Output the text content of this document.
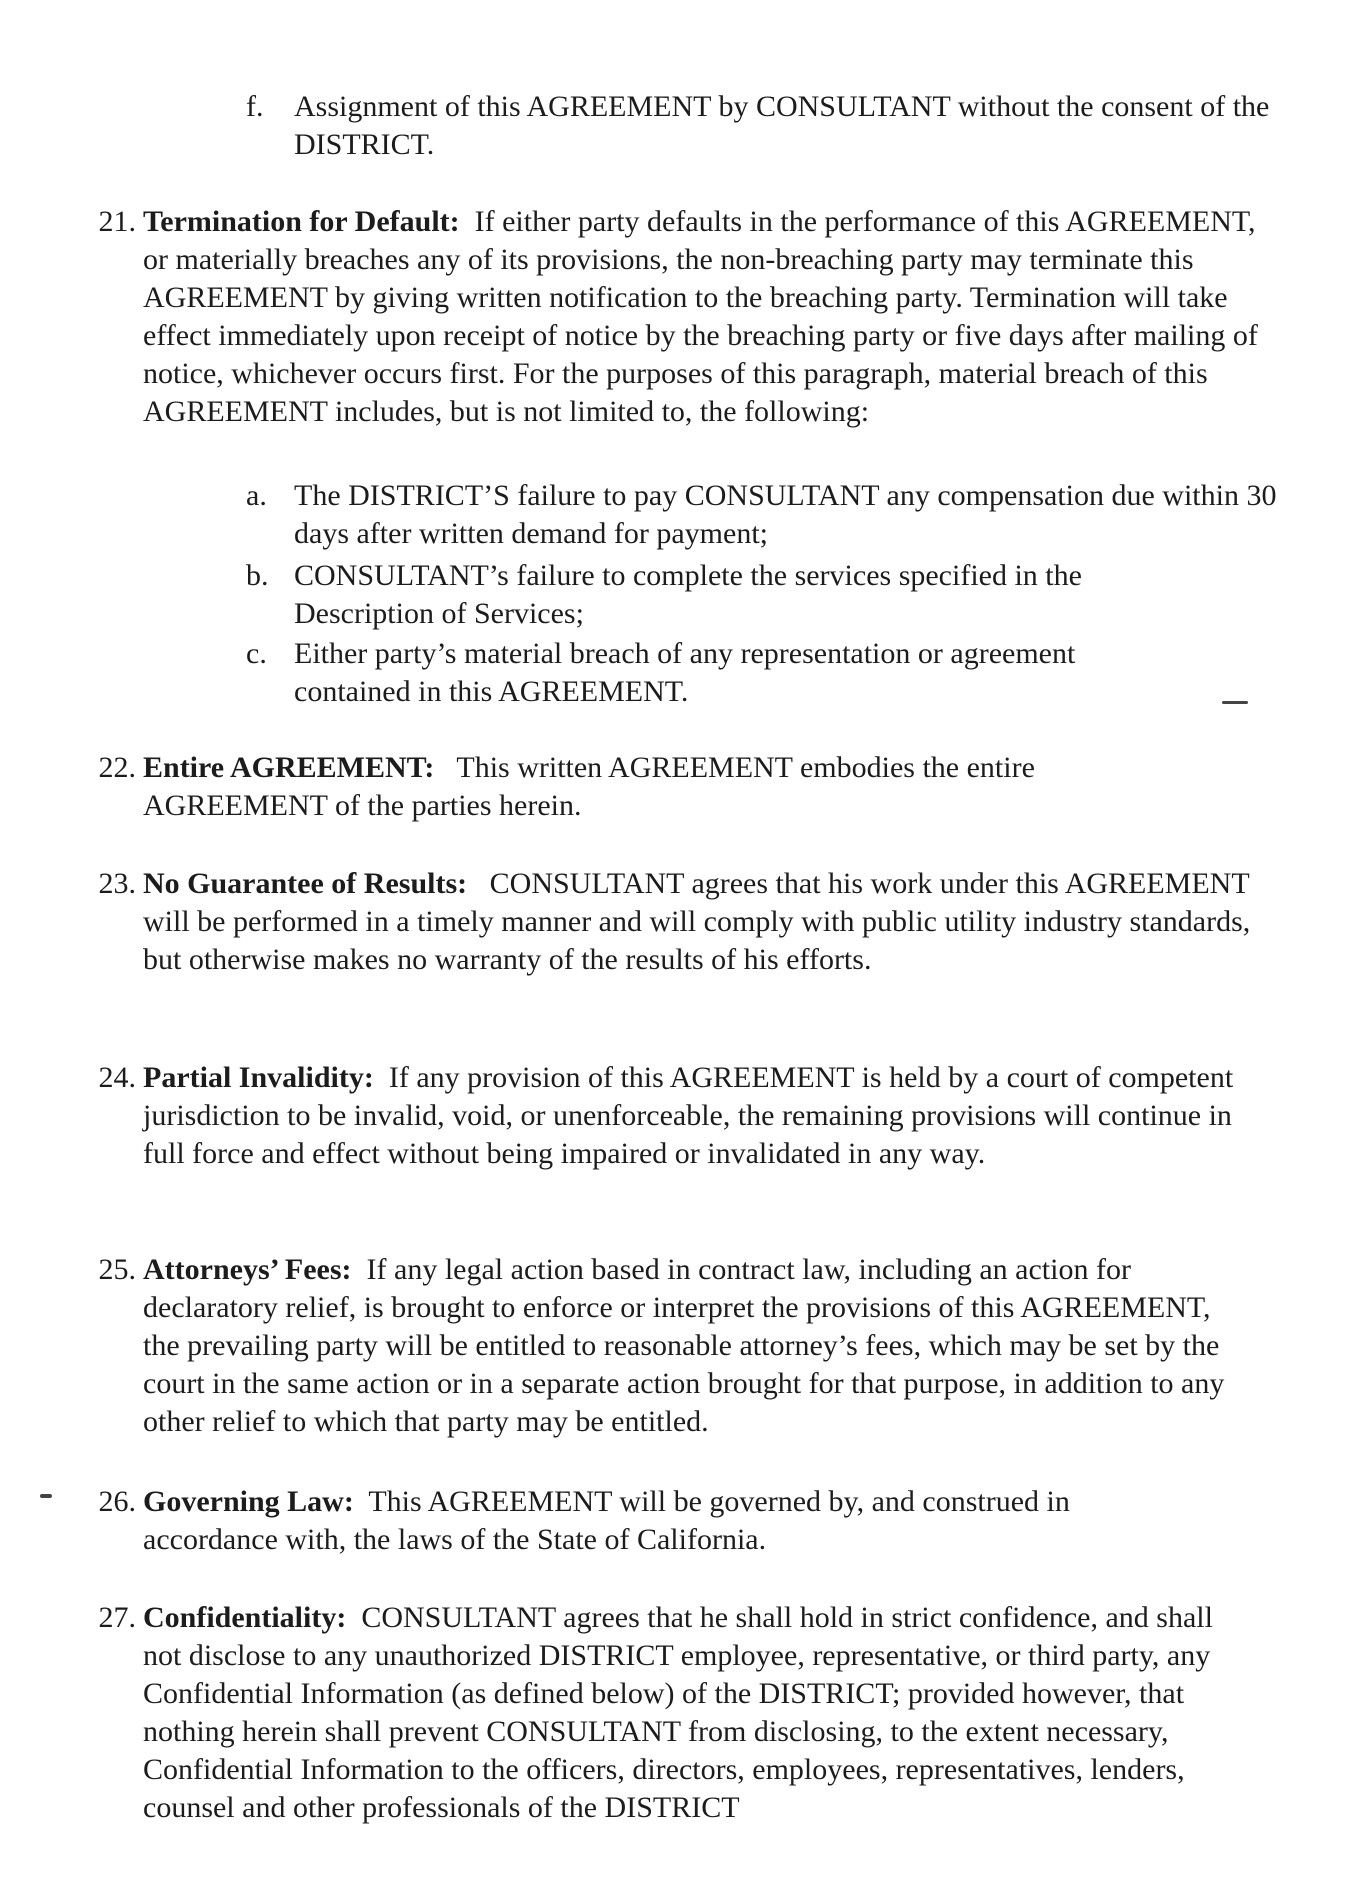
f.	Assignment of this AGREEMENT by CONSULTANT without the consent of the DISTRICT.
21. Termination for Default: If either party defaults in the performance of this AGREEMENT, or materially breaches any of its provisions, the non-breaching party may terminate this AGREEMENT by giving written notification to the breaching party. Termination will take effect immediately upon receipt of notice by the breaching party or five days after mailing of notice, whichever occurs first. For the purposes of this paragraph, material breach of this AGREEMENT includes, but is not limited to, the following:
a. The DISTRICT’S failure to pay CONSULTANT any compensation due within 30 days after written demand for payment;
b. CONSULTANT’s failure to complete the services specified in the Description of Services;
c. Either party’s material breach of any representation or agreement contained in this AGREEMENT.
22. Entire AGREEMENT: This written AGREEMENT embodies the entire AGREEMENT of the parties herein.
23. No Guarantee of Results: CONSULTANT agrees that his work under this AGREEMENT will be performed in a timely manner and will comply with public utility industry standards, but otherwise makes no warranty of the results of his efforts.
24. Partial Invalidity: If any provision of this AGREEMENT is held by a court of competent jurisdiction to be invalid, void, or unenforceable, the remaining provisions will continue in full force and effect without being impaired or invalidated in any way.
25. Attorneys’ Fees: If any legal action based in contract law, including an action for declaratory relief, is brought to enforce or interpret the provisions of this AGREEMENT, the prevailing party will be entitled to reasonable attorney’s fees, which may be set by the court in the same action or in a separate action brought for that purpose, in addition to any other relief to which that party may be entitled.
26. Governing Law: This AGREEMENT will be governed by, and construed in accordance with, the laws of the State of California.
27. Confidentiality: CONSULTANT agrees that he shall hold in strict confidence, and shall not disclose to any unauthorized DISTRICT employee, representative, or third party, any Confidential Information (as defined below) of the DISTRICT; provided however, that nothing herein shall prevent CONSULTANT from disclosing, to the extent necessary, Confidential Information to the officers, directors, employees, representatives, lenders, counsel and other professionals of the DISTRICT
